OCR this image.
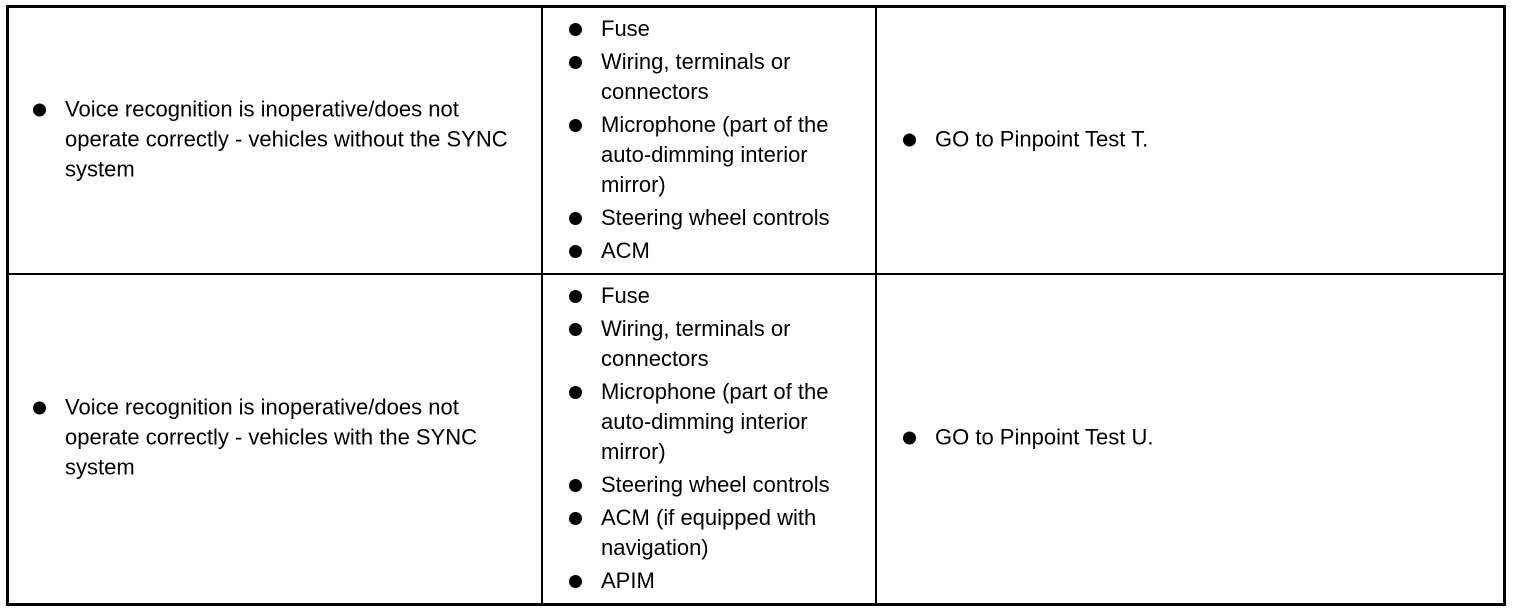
Voice recognition is inoperative/does not operate correctly - vehicles without the SYNC system
Fuse
Wiring, terminals or connectors
Microphone (part of the auto-dimming interior mirror)
Steering wheel controls
ACM
GO to Pinpoint Test T.
Voice recognition is inoperative/does not operate correctly - vehicles with the SYNC system
Fuse
Wiring, terminals or connectors
Microphone (part of the auto-dimming interior mirror)
Steering wheel controls
ACM (if equipped with navigation)
APIM
GO to Pinpoint Test U.
